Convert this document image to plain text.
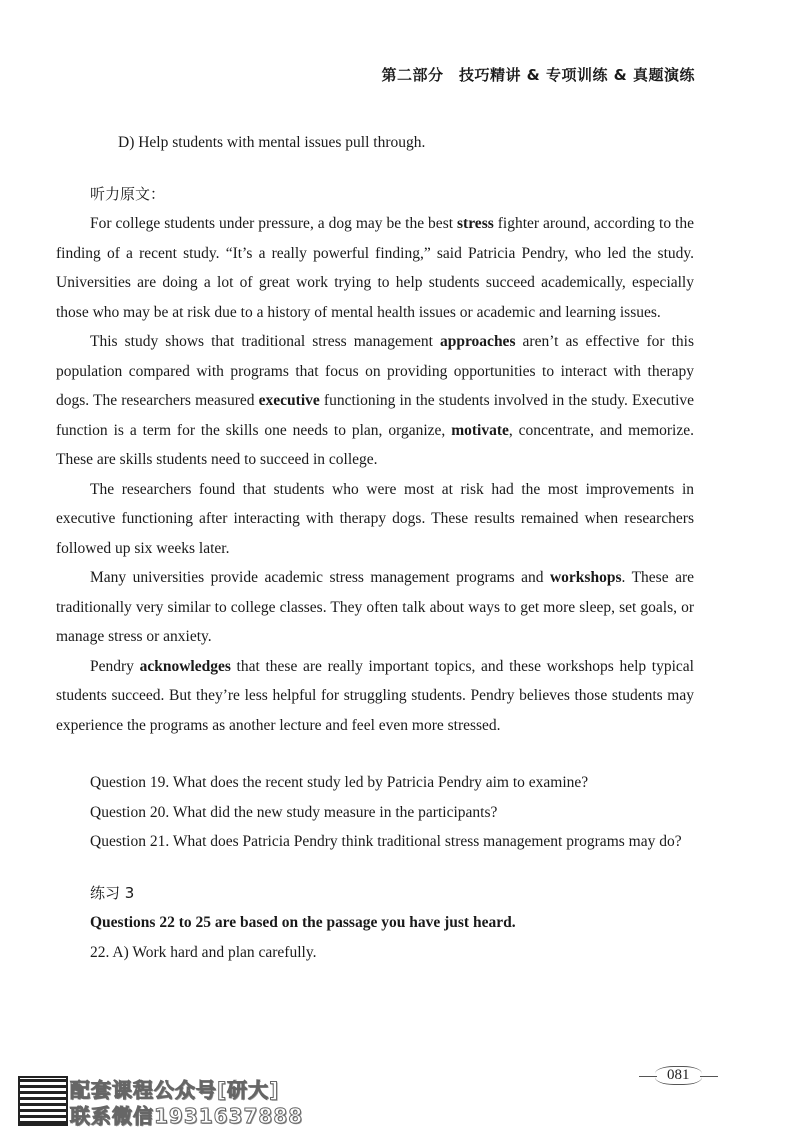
第二部分　技巧精讲 & 专项训练 & 真题演练

D) Help students with mental issues pull through.

听力原文：

For college students under pressure, a dog may be the best stress fighter around, according to the finding of a recent study. “It’s a really powerful finding,” said Patricia Pendry, who led the study. Universities are doing a lot of great work trying to help students succeed academically, especially those who may be at risk due to a history of mental health issues or academic and learning issues.

This study shows that traditional stress management approaches aren’t as effective for this population compared with programs that focus on providing opportunities to interact with therapy dogs. The researchers measured executive functioning in the students involved in the study. Executive function is a term for the skills one needs to plan, organize, motivate, concentrate, and memorize. These are skills students need to succeed in college.

The researchers found that students who were most at risk had the most improvements in executive functioning after interacting with therapy dogs. These results remained when researchers followed up six weeks later.

Many universities provide academic stress management programs and workshops. These are traditionally very similar to college classes. They often talk about ways to get more sleep, set goals, or manage stress or anxiety.

Pendry acknowledges that these are really important topics, and these workshops help typical students succeed. But they’re less helpful for struggling students. Pendry believes those students may experience the programs as another lecture and feel even more stressed.

Question 19. What does the recent study led by Patricia Pendry aim to examine?

Question 20. What did the new study measure in the participants?

Question 21. What does Patricia Pendry think traditional stress management programs may do?

练习 3

Questions 22 to 25 are based on the passage you have just heard.

22. A) Work hard and plan carefully.

081
配套课程公众号[研大]
联系微信1931637888
